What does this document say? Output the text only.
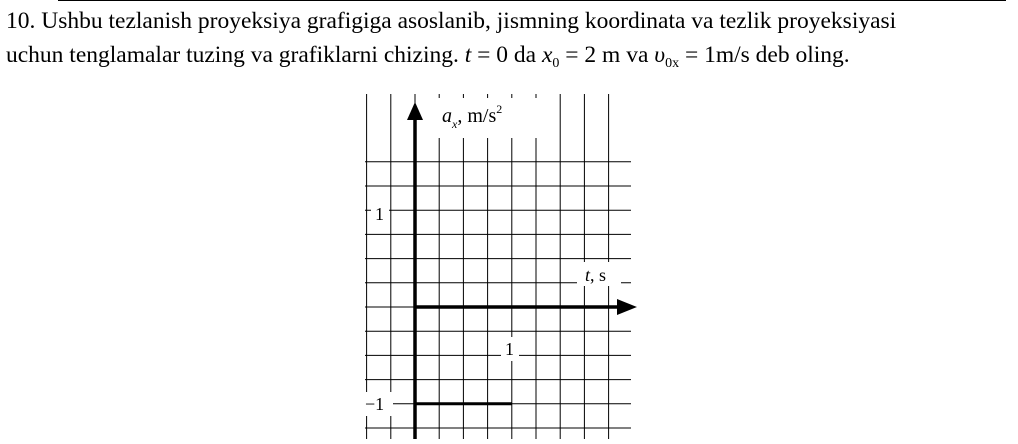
10. Ushbu tezlanish proyeksiya grafigiga asoslanib, jismning koordinata va tezlik proyeksiyasi
uchun tenglamalar tuzing va grafiklarni chizing. t = 0 da $x_0 = 2$ m va $\upsilon_{0x} = 1m/s$ deb oling.
$a_x$, $m/s^2$
t, s
1
1
−1
